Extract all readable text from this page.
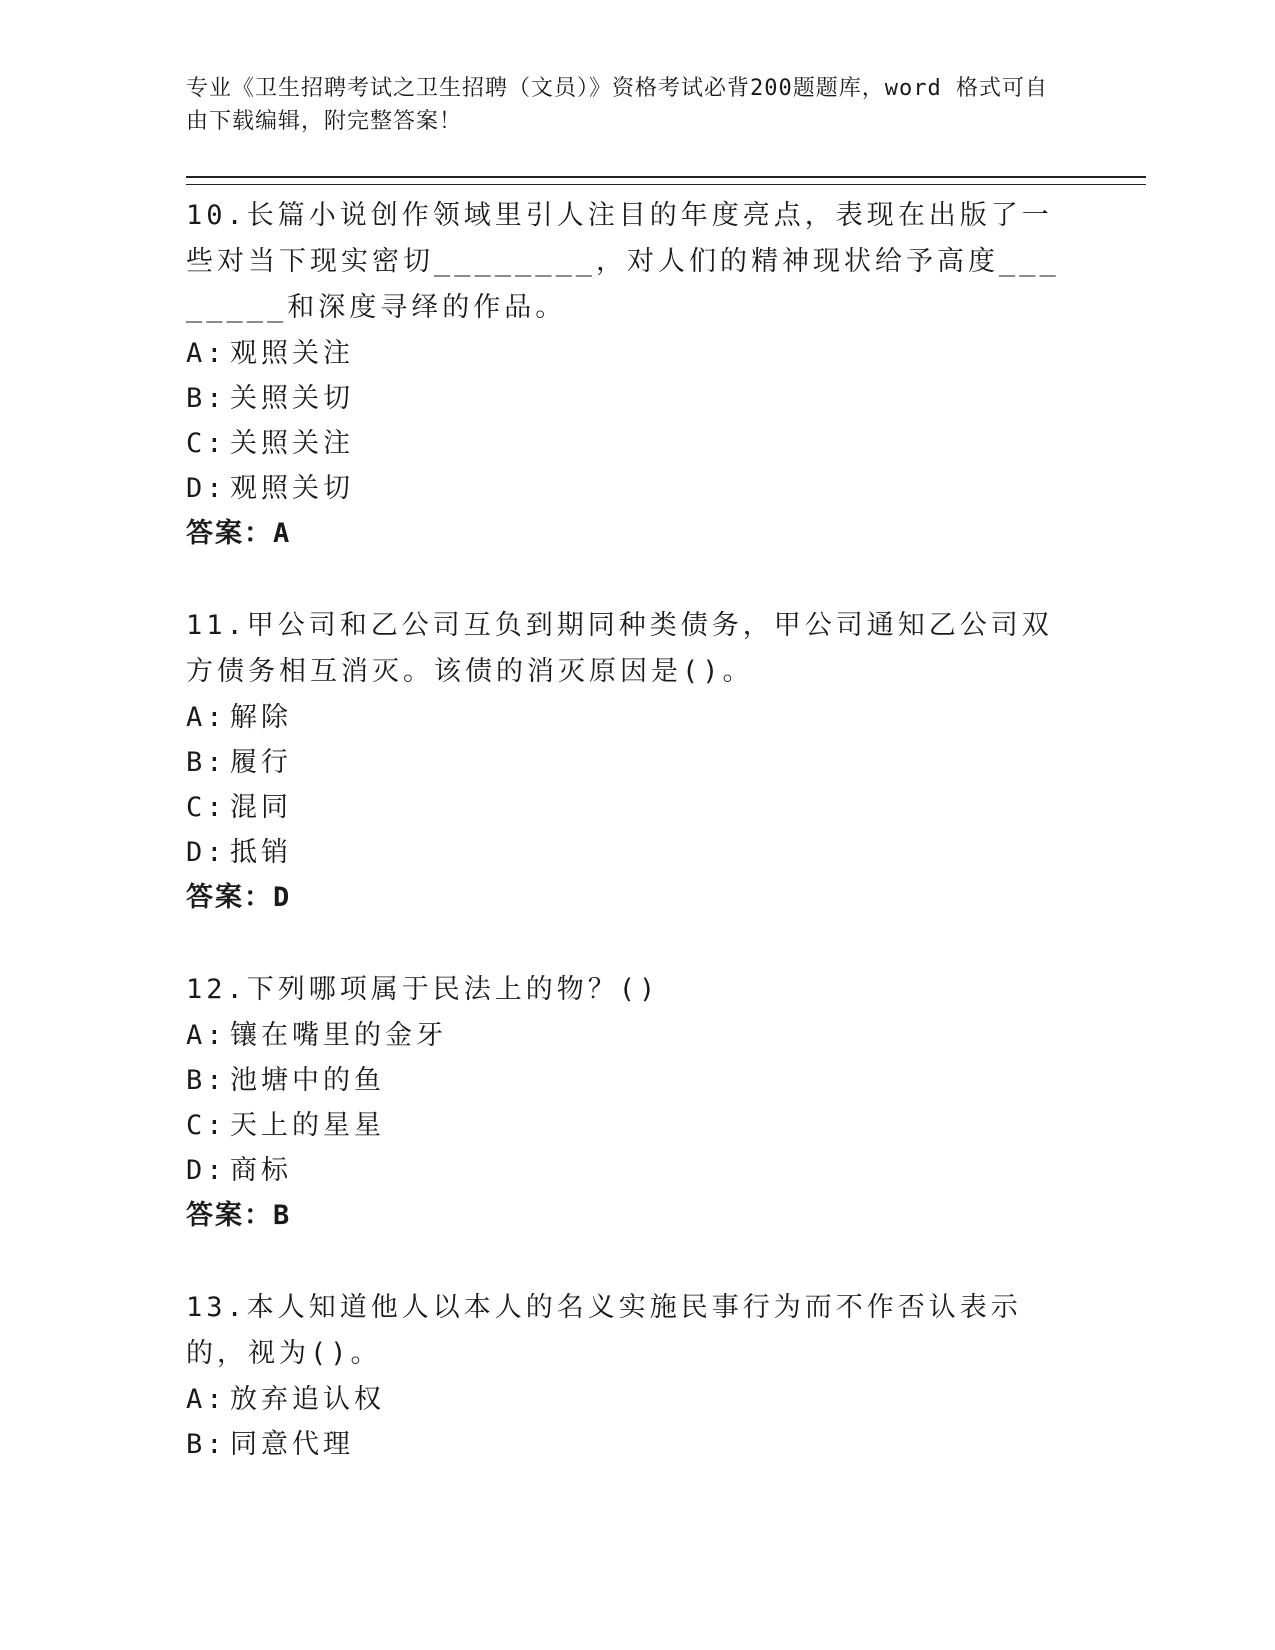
专业《卫生招聘考试之卫生招聘（文员）》资格考试必背200题题库，word 格式可自由下载编辑，附完整答案！
10.长篇小说创作领域里引人注目的年度亮点，表现在出版了一些对当下现实密切________，对人们的精神现状给予高度________和深度寻绎的作品。
A: 观照关注
B: 关照关切
C: 关照关注
D: 观照关切
答案：A
11.甲公司和乙公司互负到期同种类债务，甲公司通知乙公司双方债务相互消灭。该债的消灭原因是()。
A: 解除
B: 履行
C: 混同
D: 抵销
答案：D
12.下列哪项属于民法上的物？()
A: 镶在嘴里的金牙
B: 池塘中的鱼
C: 天上的星星
D: 商标
答案：B
13.本人知道他人以本人的名义实施民事行为而不作否认表示的，视为()。
A: 放弃追认权
B: 同意代理
